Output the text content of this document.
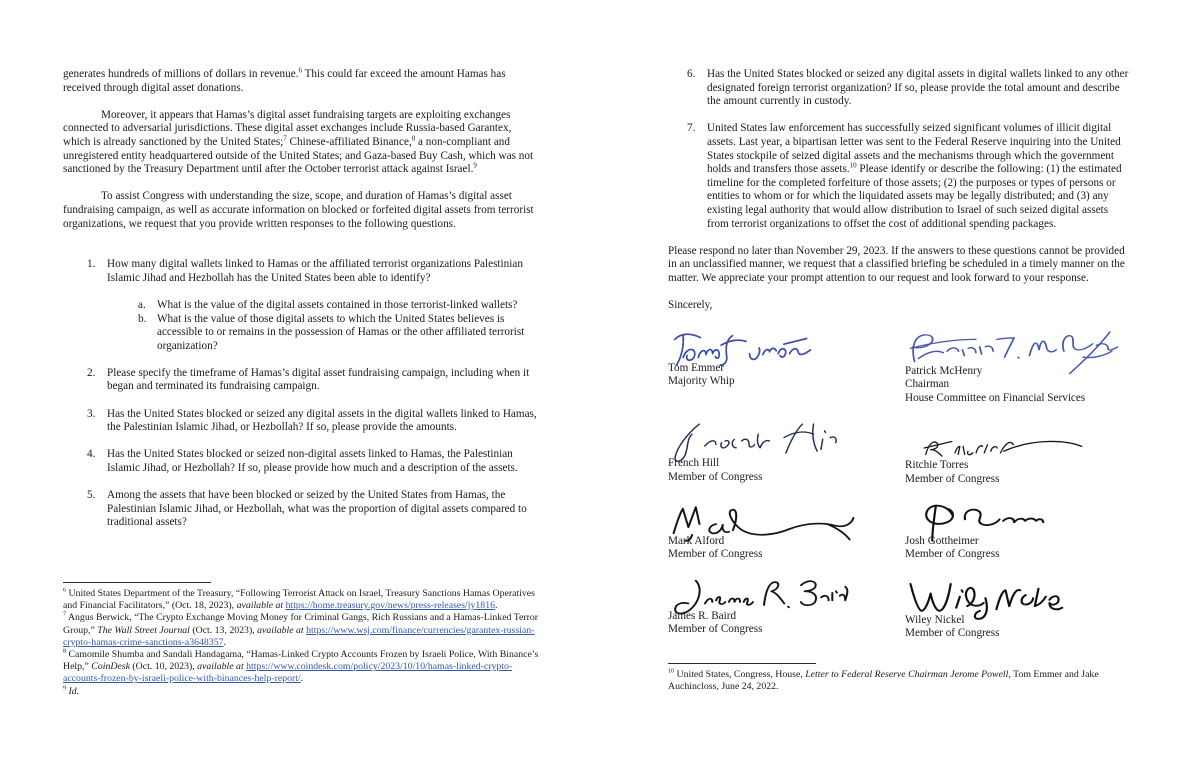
generates hundreds of millions of dollars in revenue.$^6$ This could far exceed the amount Hamas has received through digital asset donations.

Moreover, it appears that Hamas’s digital asset fundraising targets are exploiting exchanges connected to adversarial jurisdictions. These digital asset exchanges include Russia-based Garantex, which is already sanctioned by the United States;$^7$ Chinese-affiliated Binance,$^8$ a non-compliant and unregistered entity headquartered outside of the United States; and Gaza-based Buy Cash, which was not sanctioned by the Treasury Department until after the October terrorist attack against Israel.$^9$

To assist Congress with understanding the size, scope, and duration of Hamas’s digital asset fundraising campaign, as well as accurate information on blocked or forfeited digital assets from terrorist organizations, we request that you provide written responses to the following questions.

1.	How many digital wallets linked to Hamas or the affiliated terrorist organizations Palestinian Islamic Jihad and Hezbollah has the United States been able to identify?
a.	What is the value of the digital assets contained in those terrorist-linked wallets?
b. What is the value of those digital assets to which the United States believes is accessible to or remains in the possession of Hamas or the other affiliated terrorist organization?
2.	Please specify the timeframe of Hamas’s digital asset fundraising campaign, including when it began and terminated its fundraising campaign.
3.	Has the United States blocked or seized any digital assets in the digital wallets linked to Hamas, the Palestinian Islamic Jihad, or Hezbollah? If so, please provide the amounts.
4.	Has the United States blocked or seized non-digital assets linked to Hamas, the Palestinian Islamic Jihad, or Hezbollah? If so, please provide how much and a description of the assets.
5.	Among the assets that have been blocked or seized by the United States from Hamas, the Palestinian Islamic Jihad, or Hezbollah, what was the proportion of digital assets compared to traditional assets?

$^6$ United States Department of the Treasury, “Following Terrorist Attack on Israel, Treasury Sanctions Hamas Operatives and Financial Facilitators,” (Oct. 18, 2023), available at https://home.treasury.gov/news/press-releases/jy1816.

$^7$ Angus Berwick, “The Crypto Exchange Moving Money for Criminal Gangs, Rich Russians and a Hamas-Linked Terror Group,” The Wall Street Journal (Oct. 13, 2023), available at https://www.wsj.com/finance/currencies/garantex-russian-crypto-hamas-crime-sanctions-a3648357.

$^8$ Camomile Shumba and Sandali Handagama, “Hamas-Linked Crypto Accounts Frozen by Israeli Police, With Binance’s Help,” CoinDesk (Oct. 10, 2023), available at https://www.coindesk.com/policy/2023/10/10/hamas-linked-crypto-accounts-frozen-by-israeli-police-with-binances-help-report/.

$^9$ Id.

6.	Has the United States blocked or seized any digital assets in digital wallets linked to any other designated foreign terrorist organization? If so, please provide the total amount and describe the amount currently in custody.
7.	United States law enforcement has successfully seized significant volumes of illicit digital assets. Last year, a bipartisan letter was sent to the Federal Reserve inquiring into the United States stockpile of seized digital assets and the mechanisms through which the government holds and transfers those assets.$^{10}$ Please identify or describe the following: (1) the estimated timeline for the completed forfeiture of those assets; (2) the purposes or types of persons or entities to whom or for which the liquidated assets may be legally distributed; and (3) any existing legal authority that would allow distribution to Israel of such seized digital assets from terrorist organizations to offset the cost of additional spending packages.

Please respond no later than November 29, 2023. If the answers to these questions cannot be provided in an unclassified manner, we request that a classified briefing be scheduled in a timely manner on the matter. We appreciate your prompt attention to our request and look forward to your response.

Sincerely,

Tom Emmer
Majority Whip
Patrick McHenry
Chairman
House Committee on Financial Services
French Hill
Member of Congress
Ritchie Torres
Member of Congress
Mark Alford
Member of Congress
Josh Gottheimer
Member of Congress
James R. Baird
Member of Congress
Wiley Nickel
Member of Congress

$^{10}$ United States, Congress, House, Letter to Federal Reserve Chairman Jerome Powell, Tom Emmer and Jake Auchincloss, June 24, 2022.
